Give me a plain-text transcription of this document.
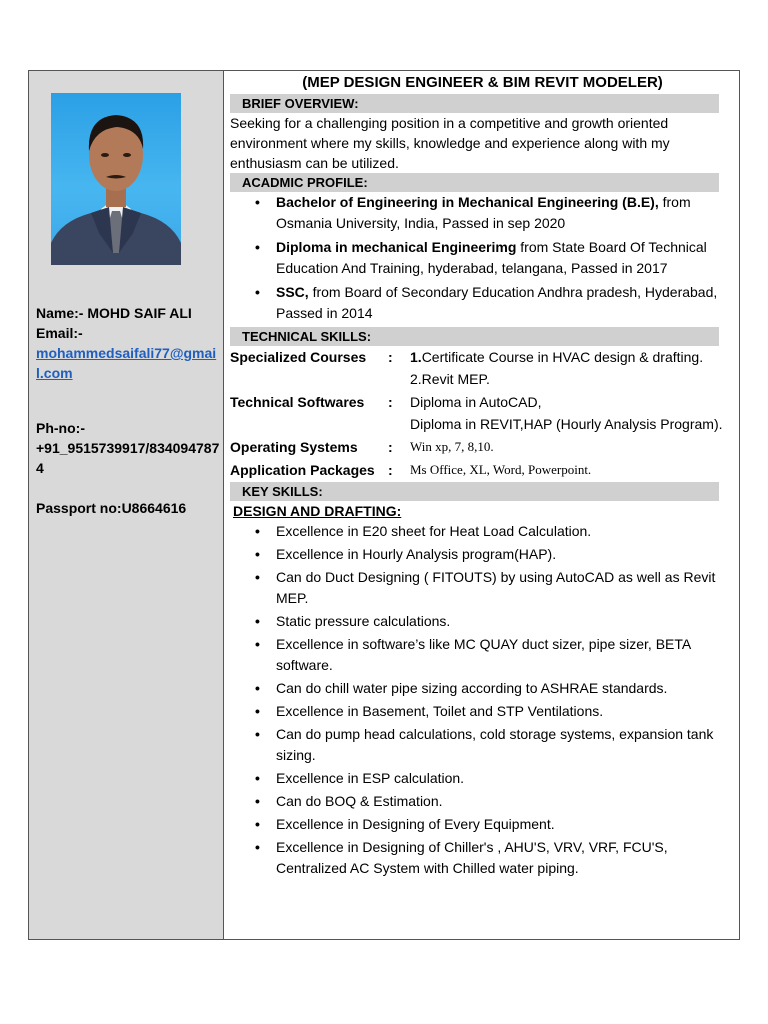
Name:- MOHD SAIF ALI
Email:-
mohammedsaifali77@gmail.com
Ph-no:-
+91_9515739917/8340947874
Passport no:U8664616
(MEP DESIGN ENGINEER & BIM REVIT MODELER)
BRIEF OVERVIEW:
Seeking for a challenging position in a competitive and growth oriented environment where my skills, knowledge and experience along with my enthusiasm can be utilized.
ACADMIC PROFILE:
• Bachelor of Engineering in Mechanical Engineering (B.E), from Osmania University, India, Passed in sep 2020
• Diploma in mechanical Engineerimg from State Board Of Technical Education And Training, hyderabad, telangana, Passed in 2017
• SSC, from Board of Secondary Education Andhra pradesh, Hyderabad, Passed in 2014
TECHNICAL SKILLS:
Specialized Courses	:	1.Certificate Course in HVAC design & drafting.
2.Revit MEP.
Technical Softwares	:	Diploma in AutoCAD,
Diploma in REVIT,HAP (Hourly Analysis Program).
Operating Systems	:	Win xp, 7, 8,10.
Application Packages :	Ms Office, XL, Word, Powerpoint.
KEY SKILLS:
DESIGN AND DRAFTING:
• Excellence in E20 sheet for Heat Load Calculation.
• Excellence in Hourly Analysis program(HAP).
• Can do Duct Designing ( FITOUTS) by using AutoCAD as well as Revit MEP.
• Static pressure calculations.
• Excellence in software’s like MC QUAY duct sizer, pipe sizer, BETA software.
• Can do chill water pipe sizing according to ASHRAE standards.
• Excellence in Basement, Toilet and STP Ventilations.
• Can do pump head calculations, cold storage systems, expansion tank sizing.
• Excellence in ESP calculation.
• Can do BOQ & Estimation.
• Excellence in Designing of Every Equipment.
• Excellence in Designing of Chiller's , AHU'S, VRV, VRF, FCU'S, Centralized AC System with Chilled water piping.
